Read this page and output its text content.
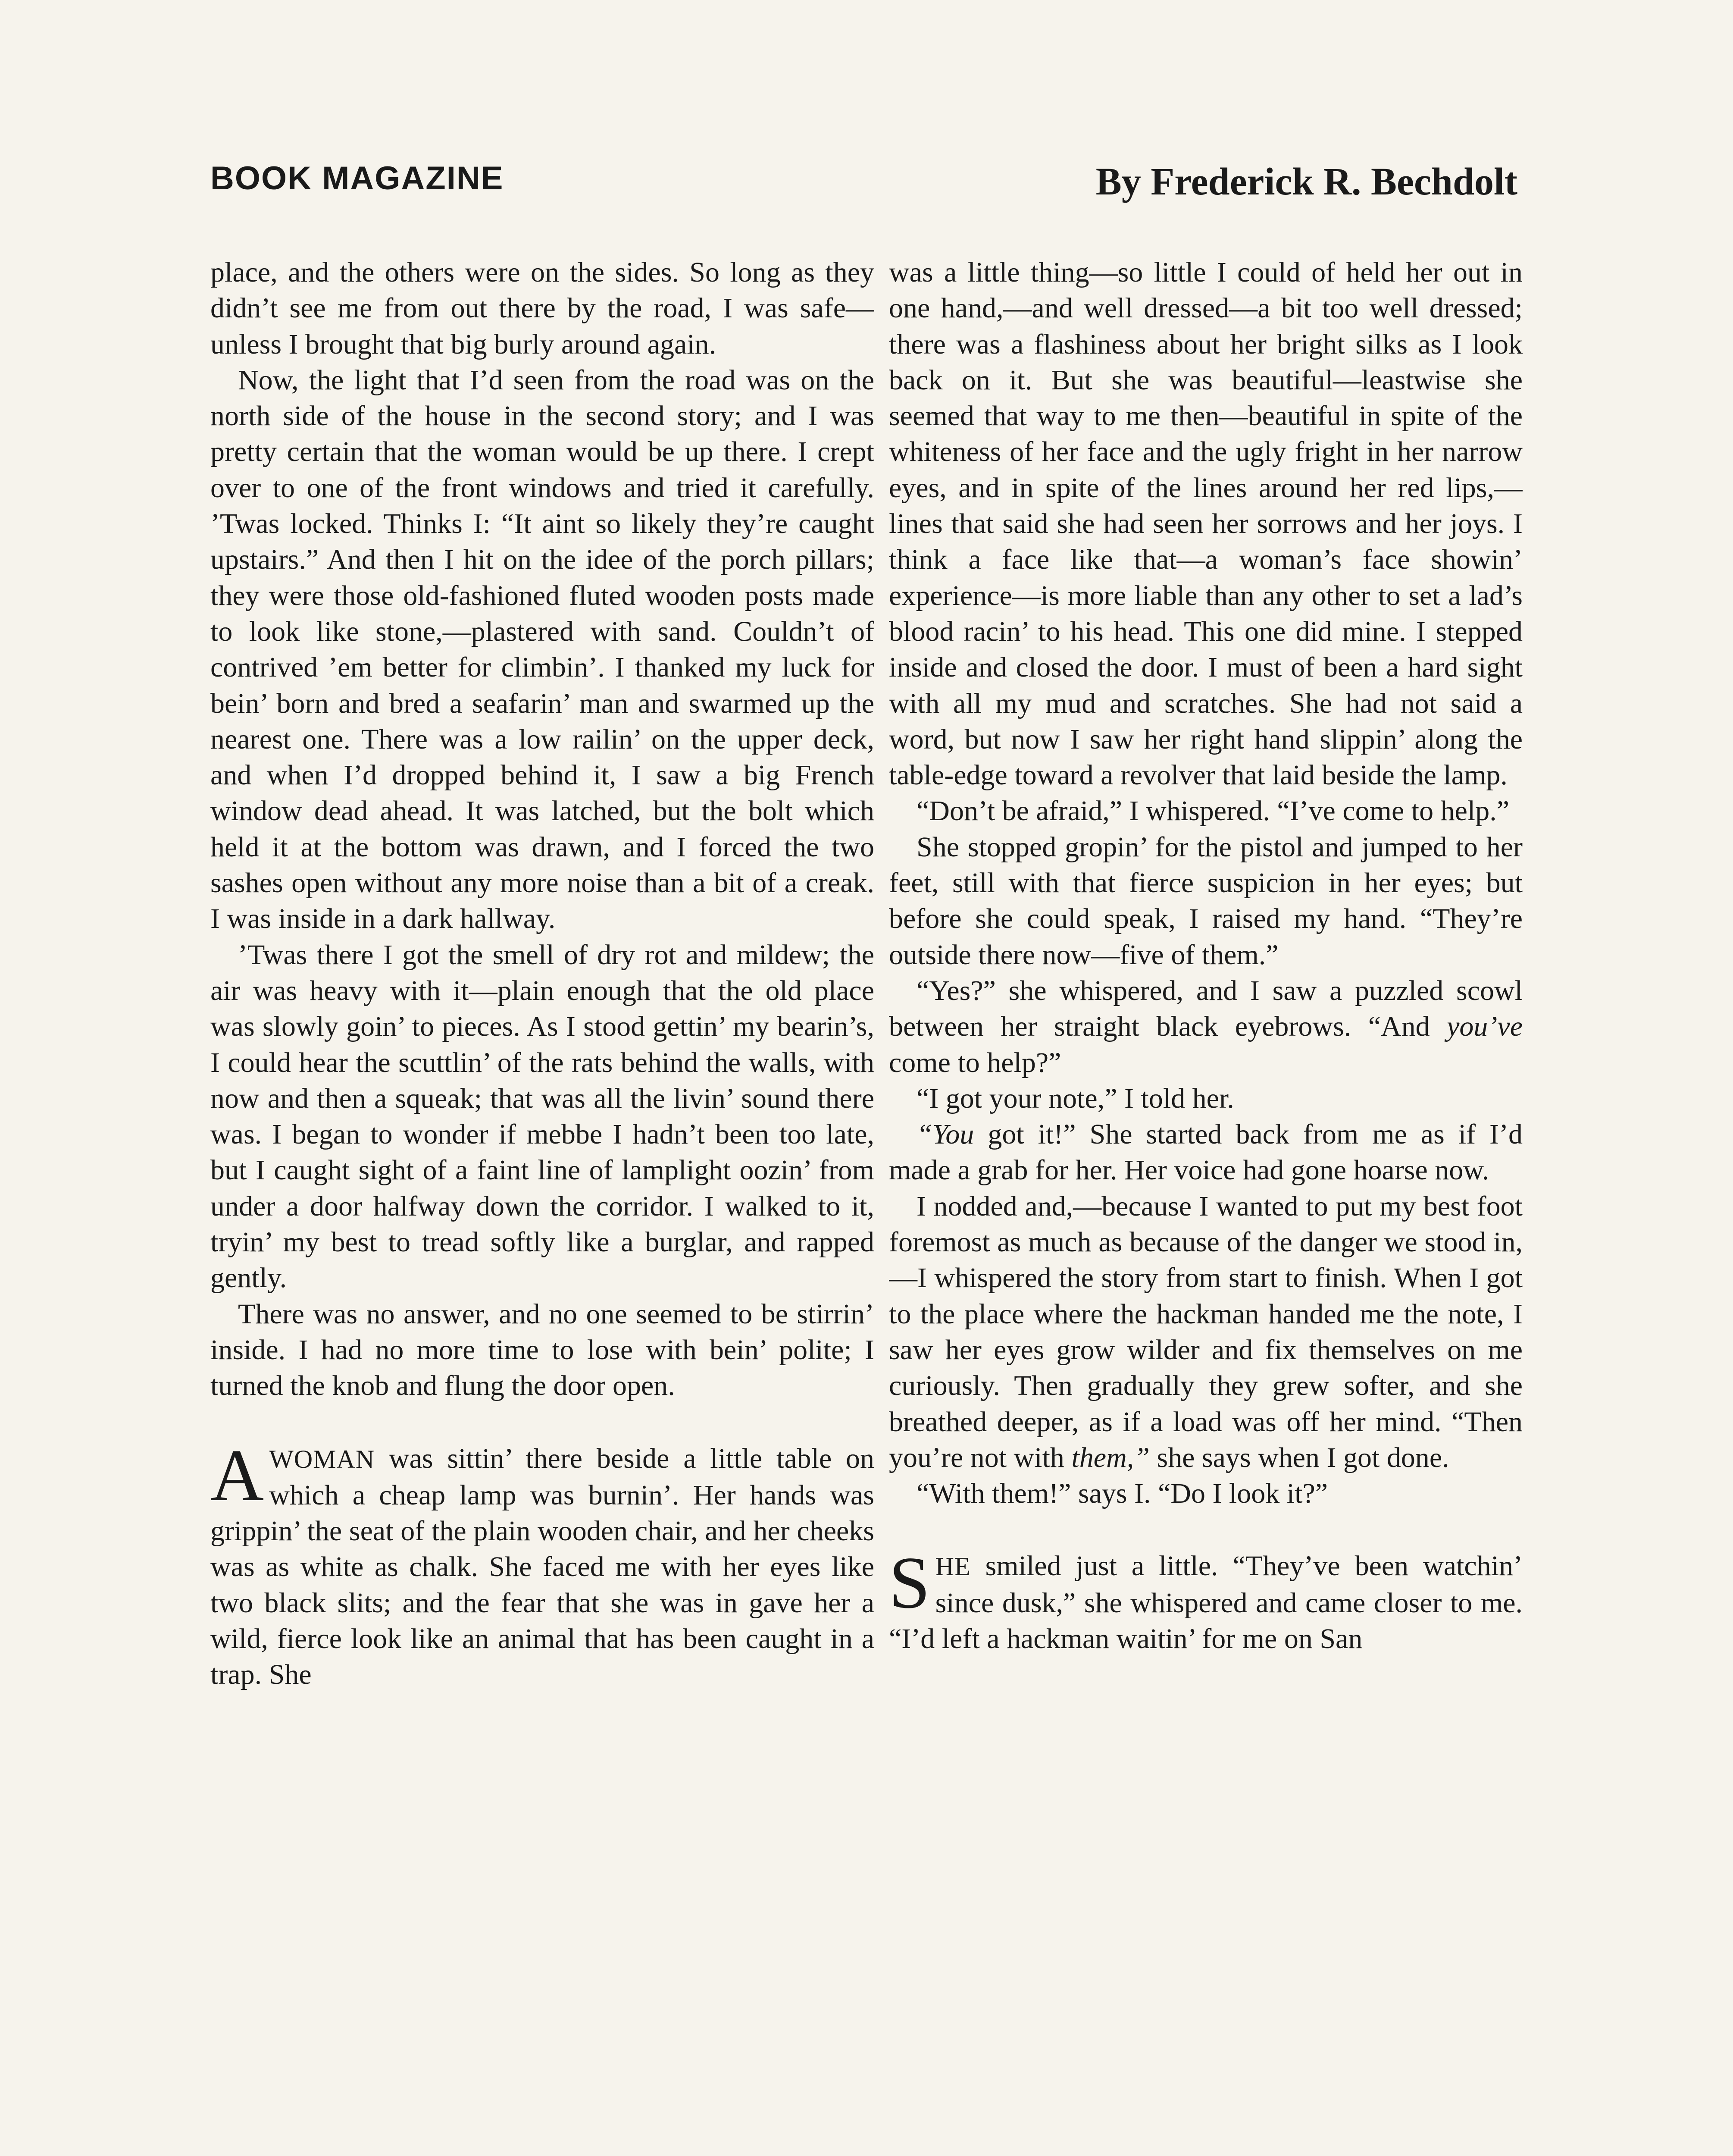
BOOK MAGAZINE	By Frederick R. Bechdolt

place, and the others were on the sides. So long as they didn’t see me from out there by the road, I was safe—unless I brought that big burly around again.

Now, the light that I’d seen from the road was on the north side of the house in the second story; and I was pretty certain that the woman would be up there. I crept over to one of the front windows and tried it carefully. ’Twas locked. Thinks I: “It aint so likely they’re caught upstairs.” And then I hit on the idee of the porch pillars; they were those old-fashioned fluted wooden posts made to look like stone,—plastered with sand. Couldn’t of contrived ’em better for climbin’. I thanked my luck for bein’ born and bred a seafarin’ man and swarmed up the nearest one. There was a low railin’ on the upper deck, and when I’d dropped behind it, I saw a big French window dead ahead. It was latched, but the bolt which held it at the bottom was drawn, and I forced the two sashes open without any more noise than a bit of a creak. I was inside in a dark hallway.

’Twas there I got the smell of dry rot and mildew; the air was heavy with it—plain enough that the old place was slowly goin’ to pieces. As I stood gettin’ my bearin’s, I could hear the scuttlin’ of the rats behind the walls, with now and then a squeak; that was all the livin’ sound there was. I began to wonder if mebbe I hadn’t been too late, but I caught sight of a faint line of lamplight oozin’ from under a door halfway down the corridor. I walked to it, tryin’ my best to tread softly like a burglar, and rapped gently.

There was no answer, and no one seemed to be stirrin’ inside. I had no more time to lose with bein’ polite; I turned the knob and flung the door open.

AWOMAN was sittin’ there beside a little table on which a cheap lamp was burnin’. Her hands was grippin’ the seat of the plain wooden chair, and her cheeks was as white as chalk. She faced me with her eyes like two black slits; and the fear that she was in gave her a wild, fierce look like an animal that has been caught in a trap. She

was a little thing—so little I could of held her out in one hand,—and well dressed—a bit too well dressed; there was a flashiness about her bright silks as I look back on it. But she was beautiful—leastwise she seemed that way to me then—beautiful in spite of the whiteness of her face and the ugly fright in her narrow eyes, and in spite of the lines around her red lips,—lines that said she had seen her sorrows and her joys. I think a face like that—a woman’s face showin’ experience—is more liable than any other to set a lad’s blood racin’ to his head. This one did mine. I stepped inside and closed the door. I must of been a hard sight with all my mud and scratches. She had not said a word, but now I saw her right hand slippin’ along the table-edge toward a revolver that laid beside the lamp.

“Don’t be afraid,” I whispered. “I’ve come to help.”

She stopped gropin’ for the pistol and jumped to her feet, still with that fierce suspicion in her eyes; but before she could speak, I raised my hand. “They’re outside there now—five of them.”

“Yes?” she whispered, and I saw a puzzled scowl between her straight black eyebrows. “And you’ve come to help?”

“I got your note,” I told her.

“You got it!” She started back from me as if I’d made a grab for her. Her voice had gone hoarse now.

I nodded and,—because I wanted to put my best foot foremost as much as because of the danger we stood in,—I whispered the story from start to finish. When I got to the place where the hackman handed me the note, I saw her eyes grow wilder and fix themselves on me curiously. Then gradually they grew softer, and she breathed deeper, as if a load was off her mind. “Then you’re not with them,” she says when I got done.

“With them!” says I. “Do I look it?”

SHE smiled just a little. “They’ve been watchin’ since dusk,” she whispered and came closer to me. “I’d left a hackman waitin’ for me on San
